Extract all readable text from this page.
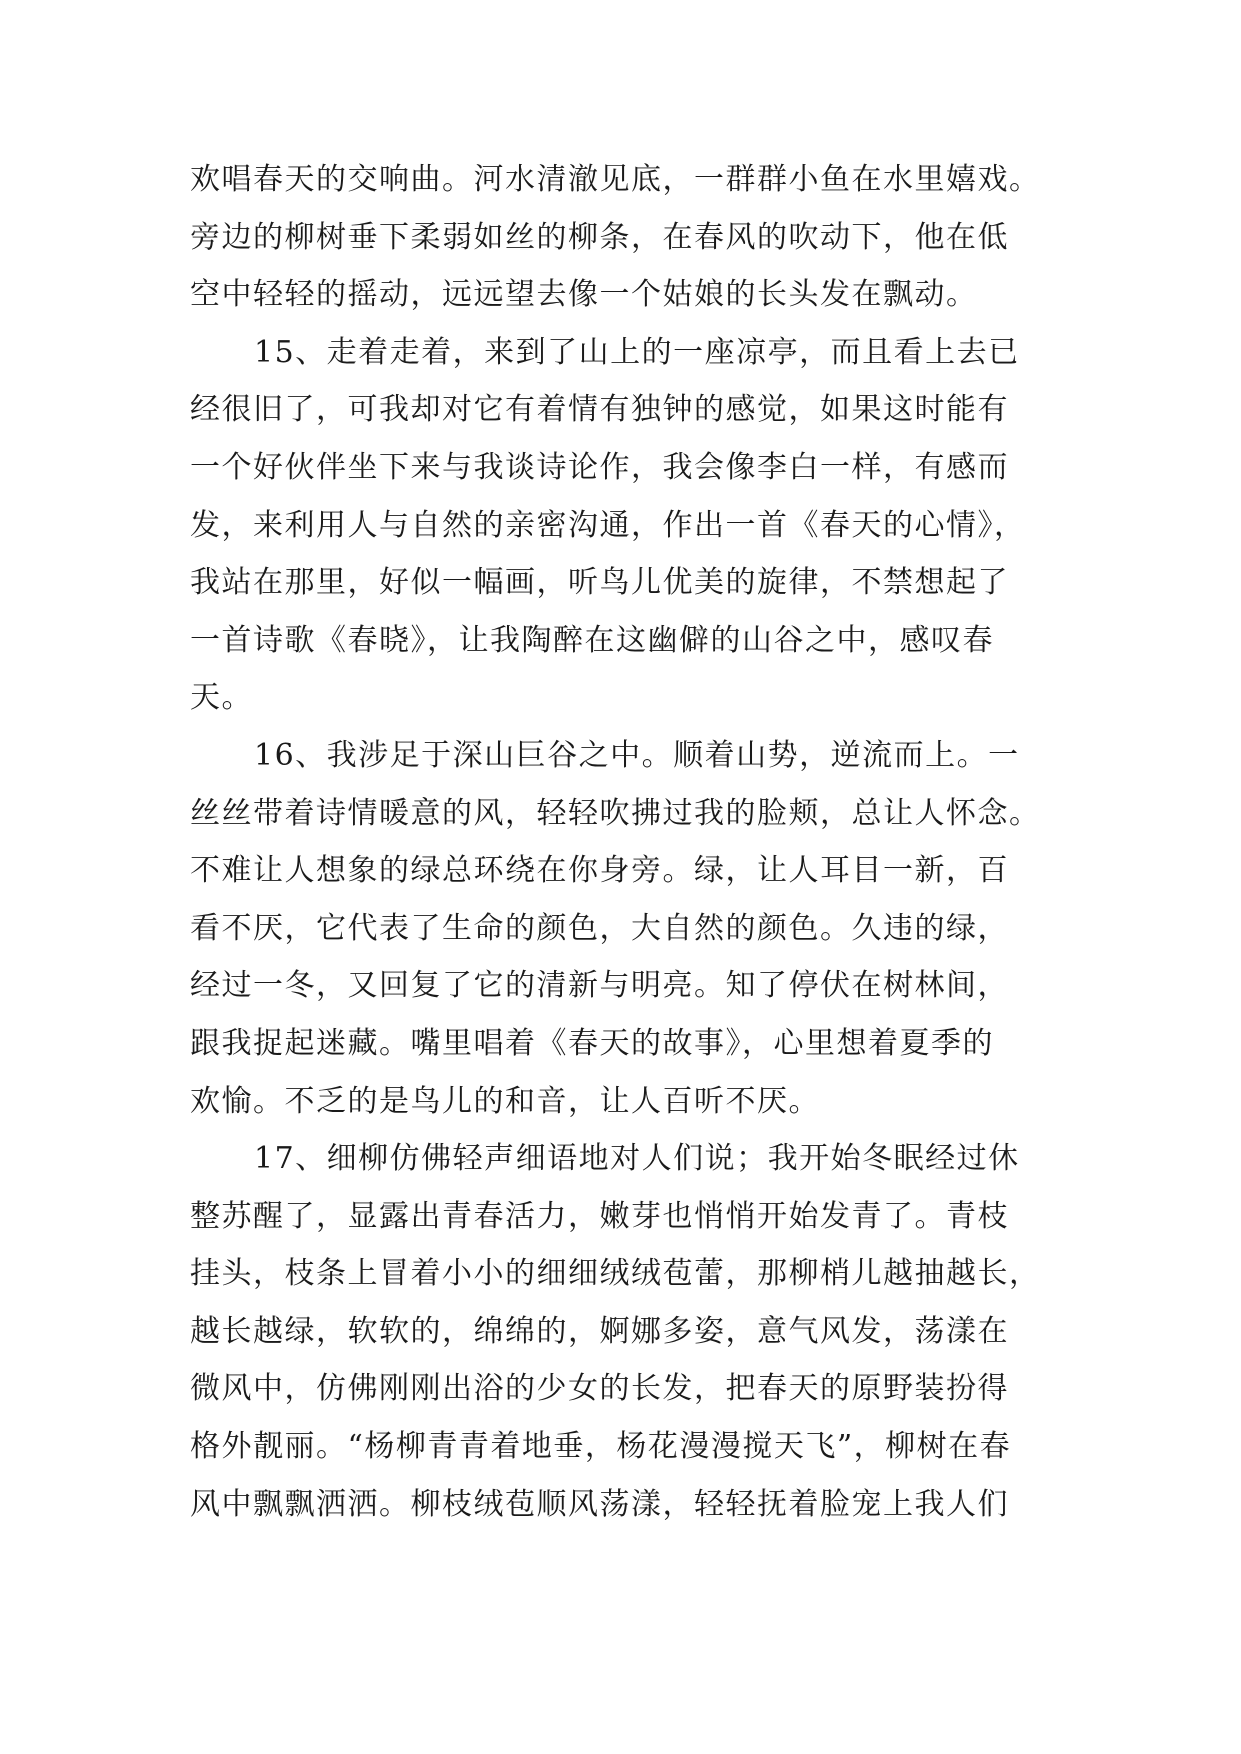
欢唱春天的交响曲。河水清澈见底，一群群小鱼在水里嬉戏。
旁边的柳树垂下柔弱如丝的柳条，在春风的吹动下，他在低
空中轻轻的摇动，远远望去像一个姑娘的长头发在飘动。
15、走着走着，来到了山上的一座凉亭，而且看上去已
经很旧了，可我却对它有着情有独钟的感觉，如果这时能有
一个好伙伴坐下来与我谈诗论作，我会像李白一样，有感而
发，来利用人与自然的亲密沟通，作出一首《春天的心情》，
我站在那里，好似一幅画，听鸟儿优美的旋律，不禁想起了
一首诗歌《春晓》，让我陶醉在这幽僻的山谷之中，感叹春
天。
16、我涉足于深山巨谷之中。顺着山势，逆流而上。一
丝丝带着诗情暖意的风，轻轻吹拂过我的脸颊，总让人怀念。
不难让人想象的绿总环绕在你身旁。绿，让人耳目一新，百
看不厌，它代表了生命的颜色，大自然的颜色。久违的绿，
经过一冬，又回复了它的清新与明亮。知了停伏在树林间，
跟我捉起迷藏。嘴里唱着《春天的故事》，心里想着夏季的
欢愉。不乏的是鸟儿的和音，让人百听不厌。
17、细柳仿佛轻声细语地对人们说；我开始冬眠经过休
整苏醒了，显露出青春活力，嫩芽也悄悄开始发青了。青枝
挂头，枝条上冒着小小的细细绒绒苞蕾，那柳梢儿越抽越长，
越长越绿，软软的，绵绵的，婀娜多姿，意气风发，荡漾在
微风中，仿佛刚刚出浴的少女的长发，把春天的原野装扮得
格外靓丽。“杨柳青青着地垂，杨花漫漫搅天飞”，柳树在春
风中飘飘洒洒。柳枝绒苞顺风荡漾，轻轻抚着脸宠上我人们
